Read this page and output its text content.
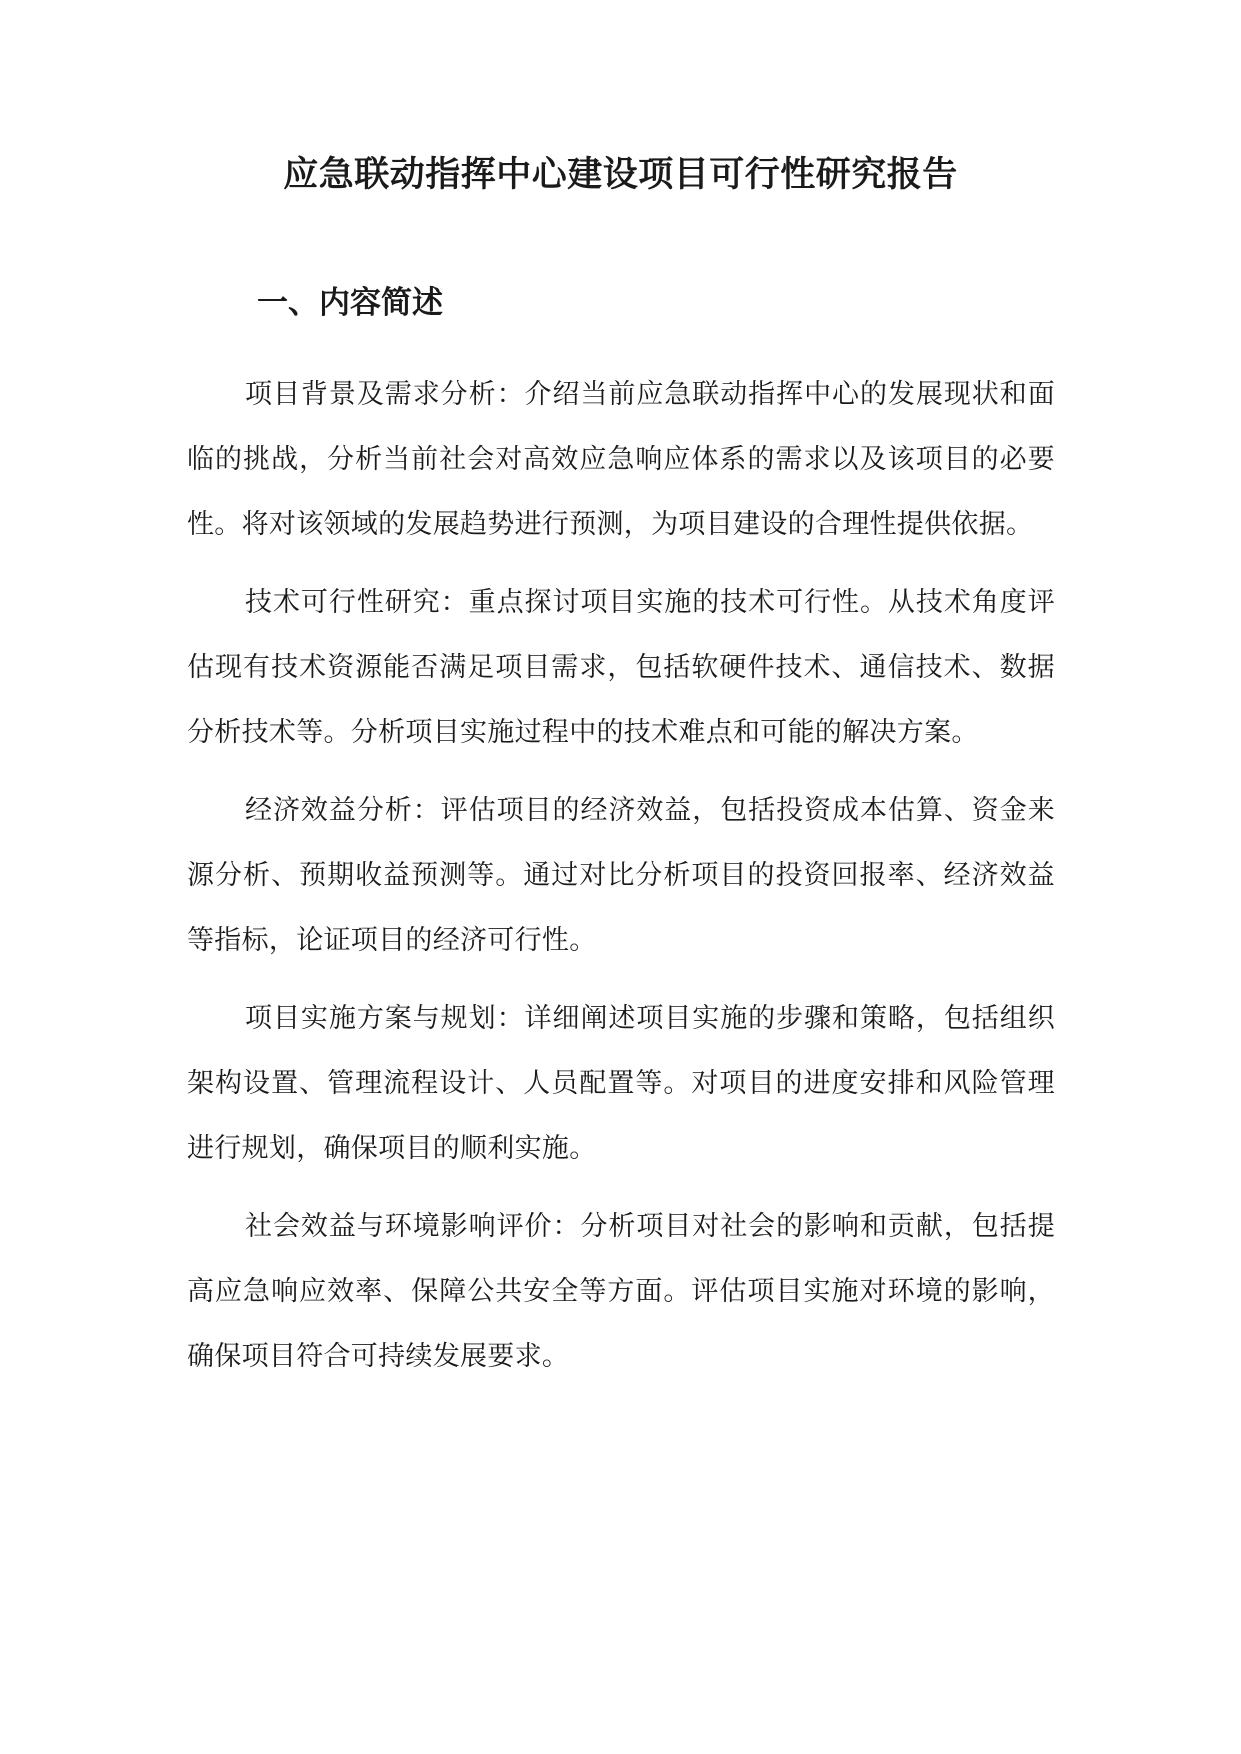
应急联动指挥中心建设项目可行性研究报告
一、内容简述

项目背景及需求分析：介绍当前应急联动指挥中心的发展现状和面临的挑战，分析当前社会对高效应急响应体系的需求以及该项目的必要性。将对该领域的发展趋势进行预测，为项目建设的合理性提供依据。

技术可行性研究：重点探讨项目实施的技术可行性。从技术角度评估现有技术资源能否满足项目需求，包括软硬件技术、通信技术、数据分析技术等。分析项目实施过程中的技术难点和可能的解决方案。

经济效益分析：评估项目的经济效益，包括投资成本估算、资金来源分析、预期收益预测等。通过对比分析项目的投资回报率、经济效益等指标，论证项目的经济可行性。

项目实施方案与规划：详细阐述项目实施的步骤和策略，包括组织架构设置、管理流程设计、人员配置等。对项目的进度安排和风险管理进行规划，确保项目的顺利实施。

社会效益与环境影响评价：分析项目对社会的影响和贡献，包括提高应急响应效率、保障公共安全等方面。评估项目实施对环境的影响，确保项目符合可持续发展要求。
